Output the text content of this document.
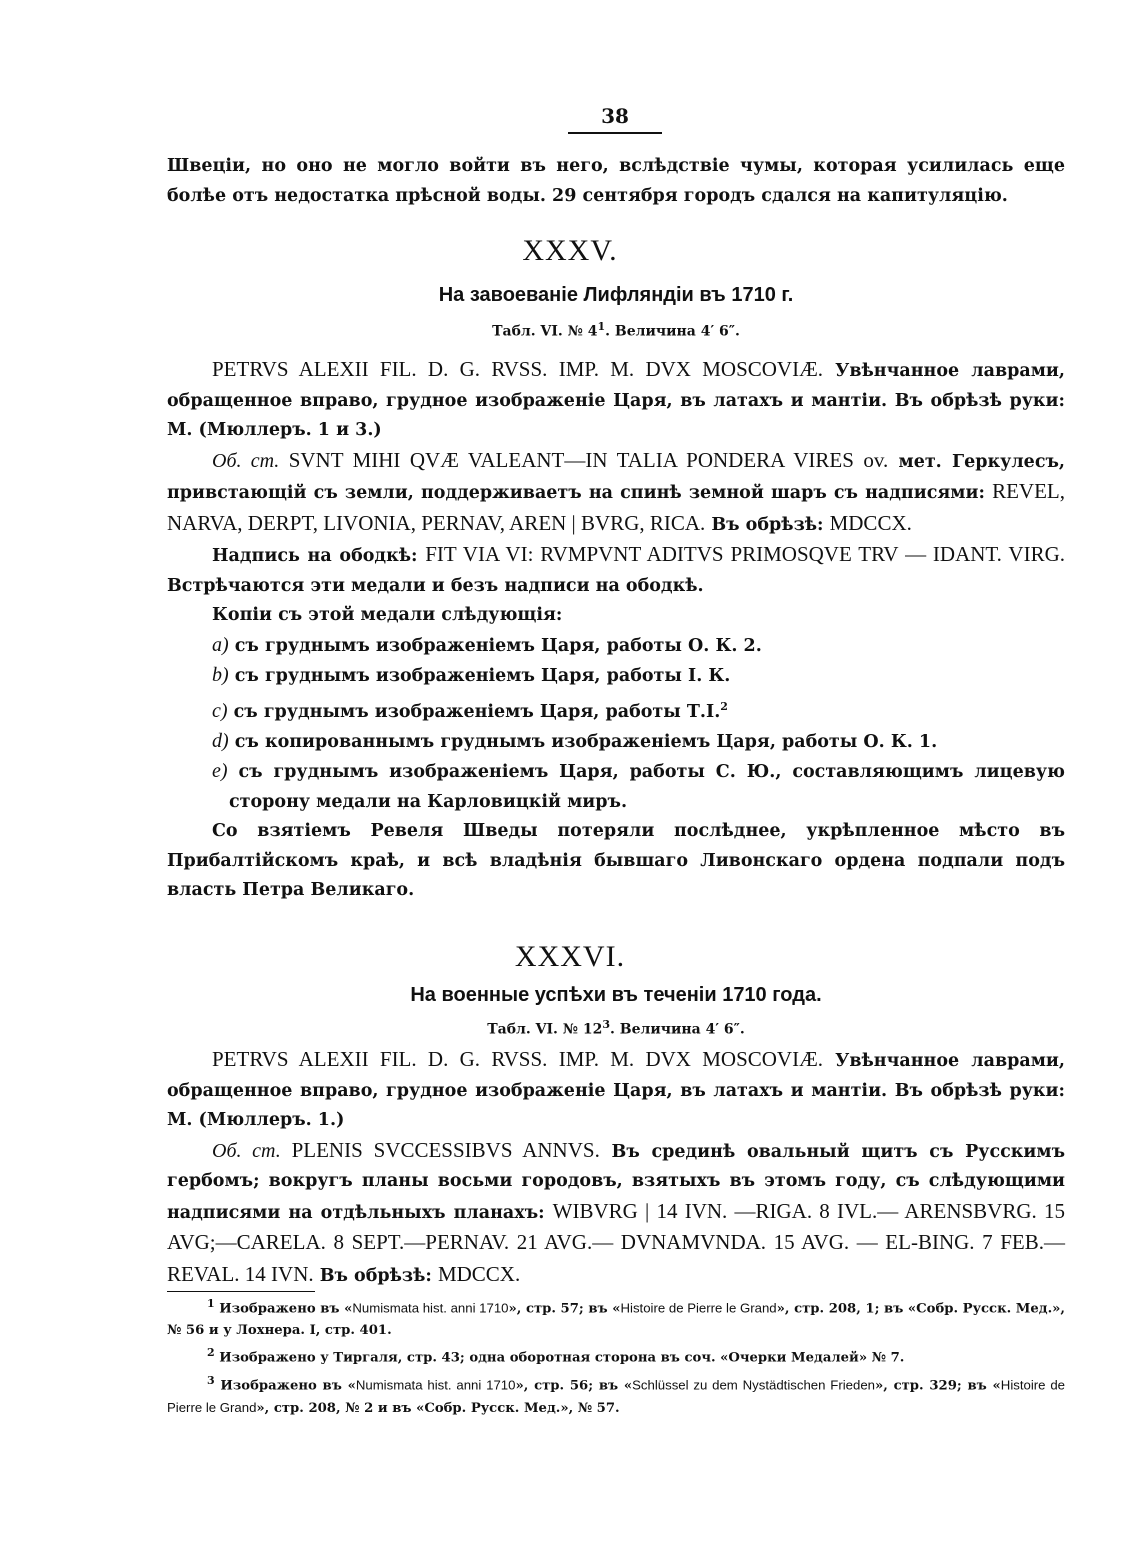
38

Швеціи, но оно не могло войти въ него, вслѣдствіе чумы, которая усилилась еще болѣе отъ недостатка прѣсной воды. 29 сентября городъ сдался на капитуляцію.

XXXV.
На завоеваніе Лифляндіи въ 1710 г.
Табл. VI. № $4^1$. Величина 4′ 6″.

PETRVS ALEXII FIL. D. G. RVSS. IMP. M. DVX MOSCOVIÆ. Увѣнчанное лаврами, обращенное вправо, грудное изображеніе Царя, въ латахъ и мантіи. Въ обрѣзѣ руки: М. (Мюллеръ. 1 и 3.)

Об. ст. SVNT MIHI QVÆ VALEANT—IN TALIA PONDERA VIRES ov. мет. Геркулесъ, привстающій съ земли, поддерживаетъ на спинѣ земной шаръ съ надписями: REVEL, NARVA, DERPT, LIVONIA, PERNAV, AREN | BVRG, RICA. Въ обрѣзѣ: MDCCX.

Надпись на ободкѣ: FIT VIA VI: RVMPVNT ADITVS PRIMOSQVE TRV — IDANT. VIRG. Встрѣчаются эти медали и безъ надписи на ободкѣ.

Копіи съ этой медали слѣдующія:

a) съ груднымъ изображеніемъ Царя, работы О. К. 2.

b) съ груднымъ изображеніемъ Царя, работы І. К.

c) съ груднымъ изображеніемъ Царя, работы Т.І.$^2$

d) съ копированнымъ груднымъ изображеніемъ Царя, работы О. К. 1.

e) съ груднымъ изображеніемъ Царя, работы С. Ю., составляющимъ лицевую сторону медали на Карловицкій миръ.

Со взятіемъ Ревеля Шведы потеряли послѣднее, укрѣпленное мѣсто въ Прибалтійскомъ краѣ, и всѣ владѣнія бывшаго Ливонскаго ордена подпали подъ власть Петра Великаго.

XXXVI.
На военные успѣхи въ теченіи 1710 года.
Табл. VI. № $12^3$. Величина 4′ 6″.

PETRVS ALEXII FIL. D. G. RVSS. IMP. M. DVX MOSCOVIÆ. Увѣнчанное лаврами, обращенное вправо, грудное изображеніе Царя, въ латахъ и мантіи. Въ обрѣзѣ руки: М. (Мюллеръ. 1.)

Об. ст. PLENIS SVCCESSIBVS ANNVS. Въ срединѣ овальный щитъ съ Русскимъ гербомъ; вокругъ планы восьми городовъ, взятыхъ въ этомъ году, съ слѣдующими надписями на отдѣльныхъ планахъ: WIBVRG | 14 IVN. —RIGA. 8 IVL.— ARENSBVRG. 15 AVG;—CARELA. 8 SEPT.—PERNAV. 21 AVG.— DVNAMVNDA. 15 AVG. — EL-BING. 7 FEB.—REVAL. 14 IVN. Въ обрѣзѣ: MDCCX.

$^1$ Изображено въ «Numismata hist. anni 1710», стр. 57; въ «Histoire de Pierre le Grand», стр. 208, 1; въ «Собр. Русск. Мед.», № 56 и у Лохнера. I, стр. 401.

$^2$ Изображено у Тиргаля, стр. 43; одна оборотная сторона въ соч. «Очерки Медалей» № 7.

$^3$ Изображено въ «Numismata hist. anni 1710», стр. 56; въ «Schlüssel zu dem Nystädtischen Frieden», стр. 329; въ «Histoire de Pierre le Grand», стр. 208, № 2 и въ «Собр. Русск. Мед.», № 57.
